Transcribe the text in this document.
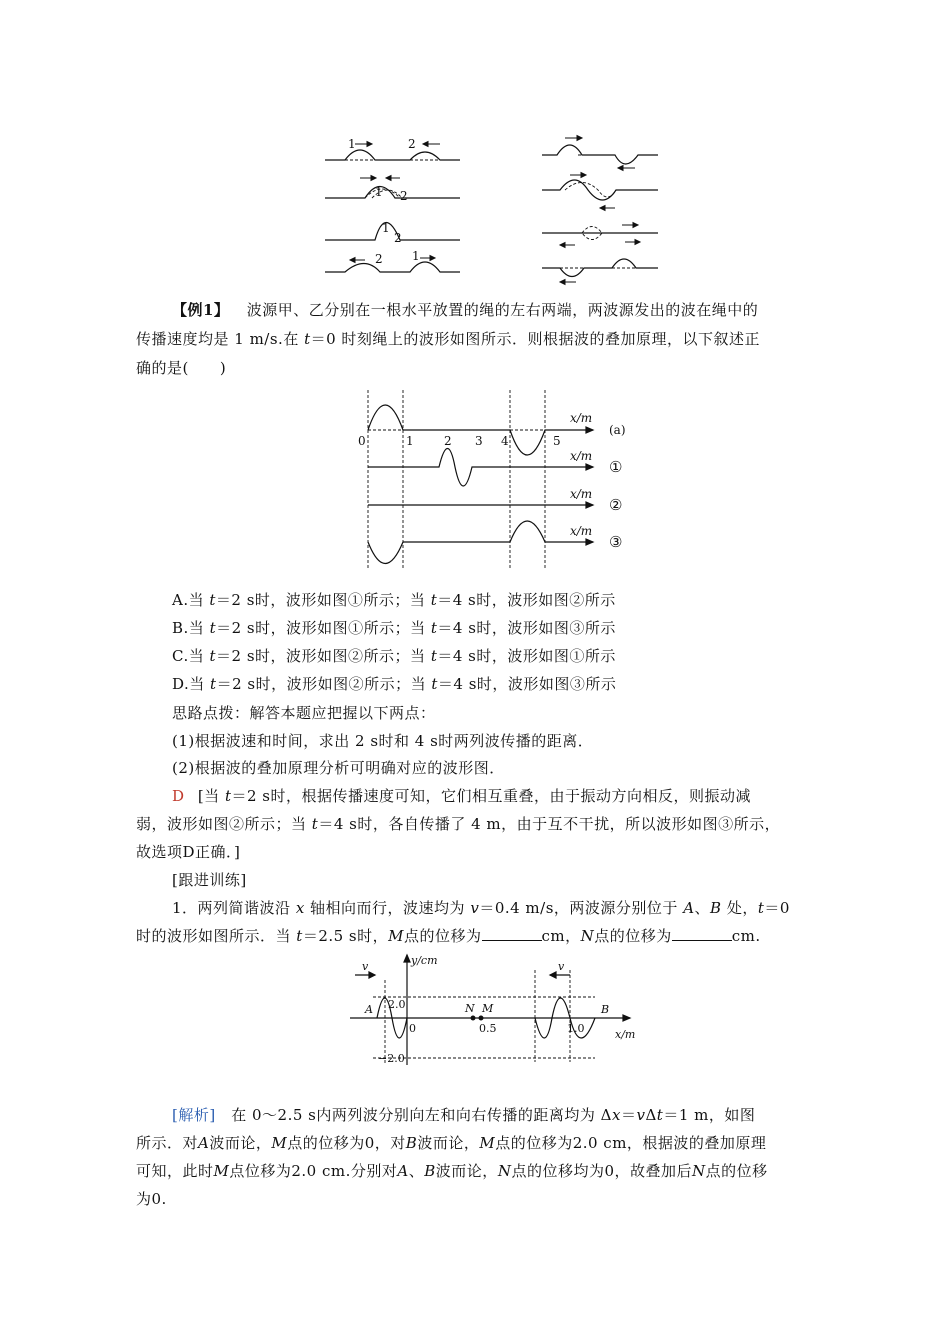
1	2
1 2
1
2
2 1
【例1】 波源甲、乙分别在一根水平放置的绳的左右两端，两波源发出的波在绳中的
传播速度均是 1 m/s.在 t＝0 时刻绳上的波形如图所示．则根据波的叠加原理，以下叙述正
确的是(　　)
x/m
x/m
x/m
x/m
0	1	2 3 4	5
(a)
①
②
③
A.当 t＝2 s时，波形如图①所示；当 t＝4 s时，波形如图②所示
B.当 t＝2 s时，波形如图①所示；当 t＝4 s时，波形如图③所示
C.当 t＝2 s时，波形如图②所示；当 t＝4 s时，波形如图①所示
D.当 t＝2 s时，波形如图②所示；当 t＝4 s时，波形如图③所示
思路点拨：解答本题应把握以下两点：
(1)根据波速和时间，求出 2 s时和 4 s时两列波传播的距离．
(2)根据波的叠加原理分析可明确对应的波形图．
D [当 t＝2 s时，根据传播速度可知，它们相互重叠，由于振动方向相反，则振动减
弱，波形如图②所示；当 t＝4 s时，各自传播了 4 m，由于互不干扰，所以波形如图③所示，
故选项D正确．]
[跟进训练]
1．两列简谐波沿 x 轴相向而行，波速均为 v＝0.4 m/s，两波源分别位于 A、B 处，t＝0
时的波形如图所示．当 t＝2.5 s时，M点的位移为	cm，N点的位移为	cm.
y/cm
x/m
v	v
A	B
N M
2.0
−2.0
0	0.5	1.0
[解析]　在 0～2.5 s内两列波分别向左和向右传播的距离均为 Δx＝vΔt＝1 m，如图
所示．对A波而论，M点的位移为0，对B波而论，M点的位移为2.0 cm，根据波的叠加原理
可知，此时M点位移为2.0 cm.分别对A、B波而论，N点的位移均为0，故叠加后N点的位移
为0.
